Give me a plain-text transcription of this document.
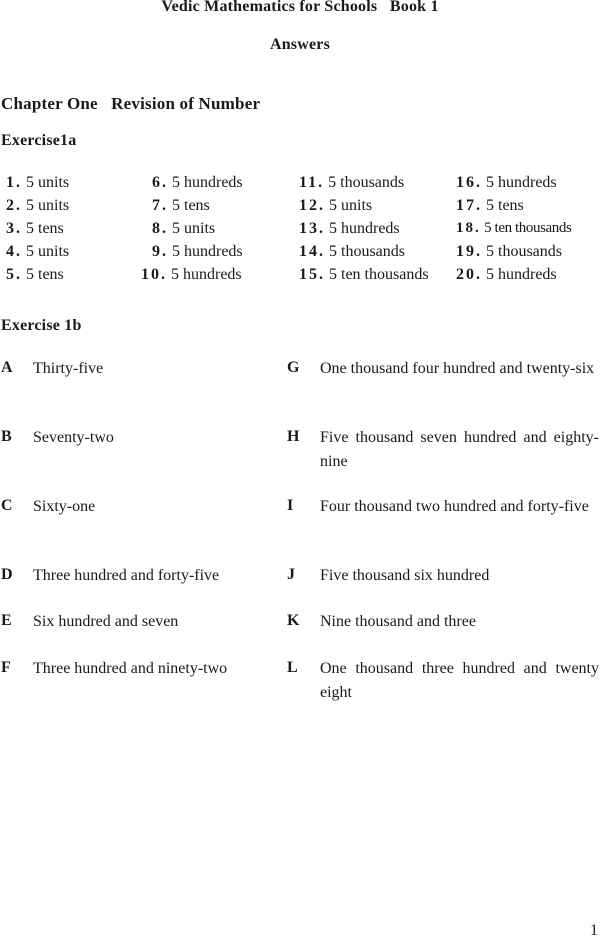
Vedic Mathematics for Schools   Book 1
Answers
Chapter One   Revision of Number
Exercise1a
1. 5 units
2. 5 units
3. 5 tens
4. 5 units
5. 5 tens
6. 5 hundreds
7. 5 tens
8. 5 units
9. 5 hundreds
10. 5 hundreds
11. 5 thousands
12. 5 units
13. 5 hundreds
14. 5 thousands
15. 5 ten thousands
16. 5 hundreds
17. 5 tens
18. 5 ten thousands
19. 5 thousands
20. 5 hundreds
Exercise 1b
A Thirty-five
B Seventy-two
C Sixty-one
D Three hundred and forty-five
E Six hundred and seven
F Three hundred and ninety-two
G One thousand four hundred and twenty-six
H Five thousand seven hundred and eighty-nine
I Four thousand two hundred and forty-five
J Five thousand six hundred
K Nine thousand and three
L One thousand three hundred and twenty eight
1
